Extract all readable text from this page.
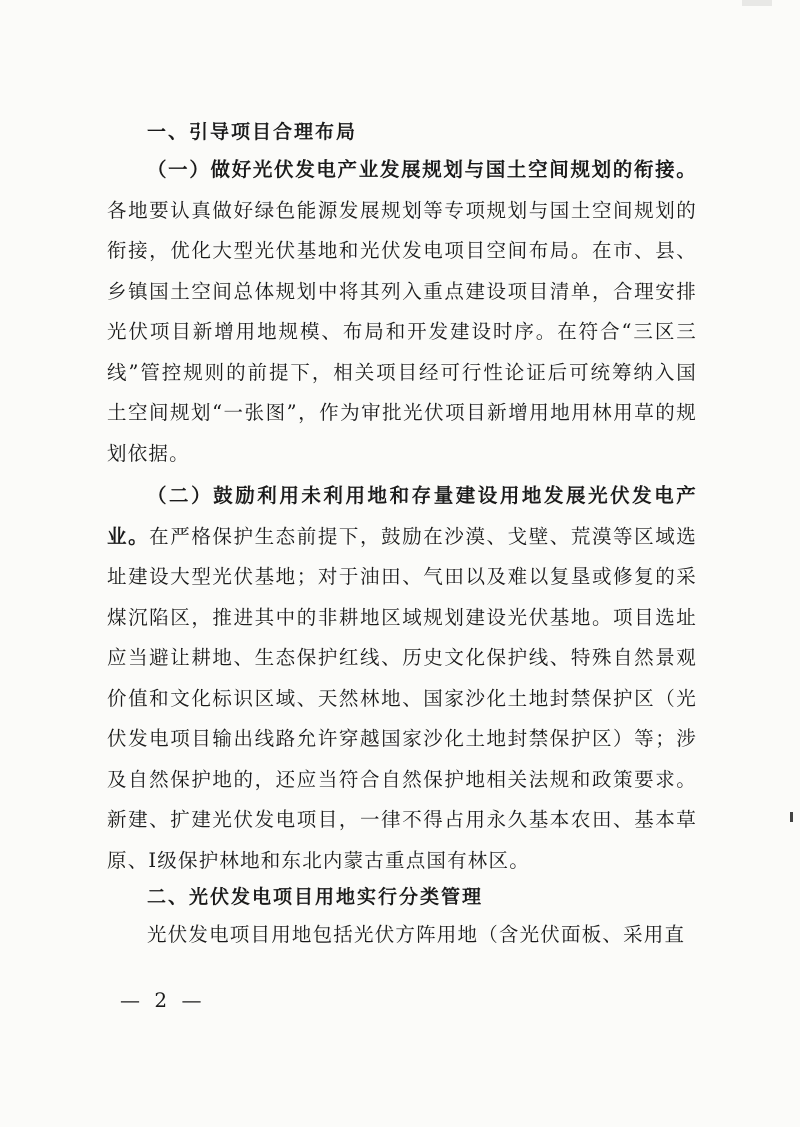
一、引导项目合理布局

（一）做好光伏发电产业发展规划与国土空间规划的衔接。各地要认真做好绿色能源发展规划等专项规划与国土空间规划的衔接，优化大型光伏基地和光伏发电项目空间布局。在市、县、乡镇国土空间总体规划中将其列入重点建设项目清单，合理安排光伏项目新增用地规模、布局和开发建设时序。在符合“三区三线”管控规则的前提下，相关项目经可行性论证后可统筹纳入国土空间规划“一张图”，作为审批光伏项目新增用地用林用草的规划依据。

（二）鼓励利用未利用地和存量建设用地发展光伏发电产业。在严格保护生态前提下，鼓励在沙漠、戈壁、荒漠等区域选址建设大型光伏基地；对于油田、气田以及难以复垦或修复的采煤沉陷区，推进其中的非耕地区域规划建设光伏基地。项目选址应当避让耕地、生态保护红线、历史文化保护线、特殊自然景观价值和文化标识区域、天然林地、国家沙化土地封禁保护区（光伏发电项目输出线路允许穿越国家沙化土地封禁保护区）等；涉及自然保护地的，还应当符合自然保护地相关法规和政策要求。新建、扩建光伏发电项目，一律不得占用永久基本农田、基本草原、Ⅰ级保护林地和东北内蒙古重点国有林区。

二、光伏发电项目用地实行分类管理

光伏发电项目用地包括光伏方阵用地（含光伏面板、采用直

— 2 —
